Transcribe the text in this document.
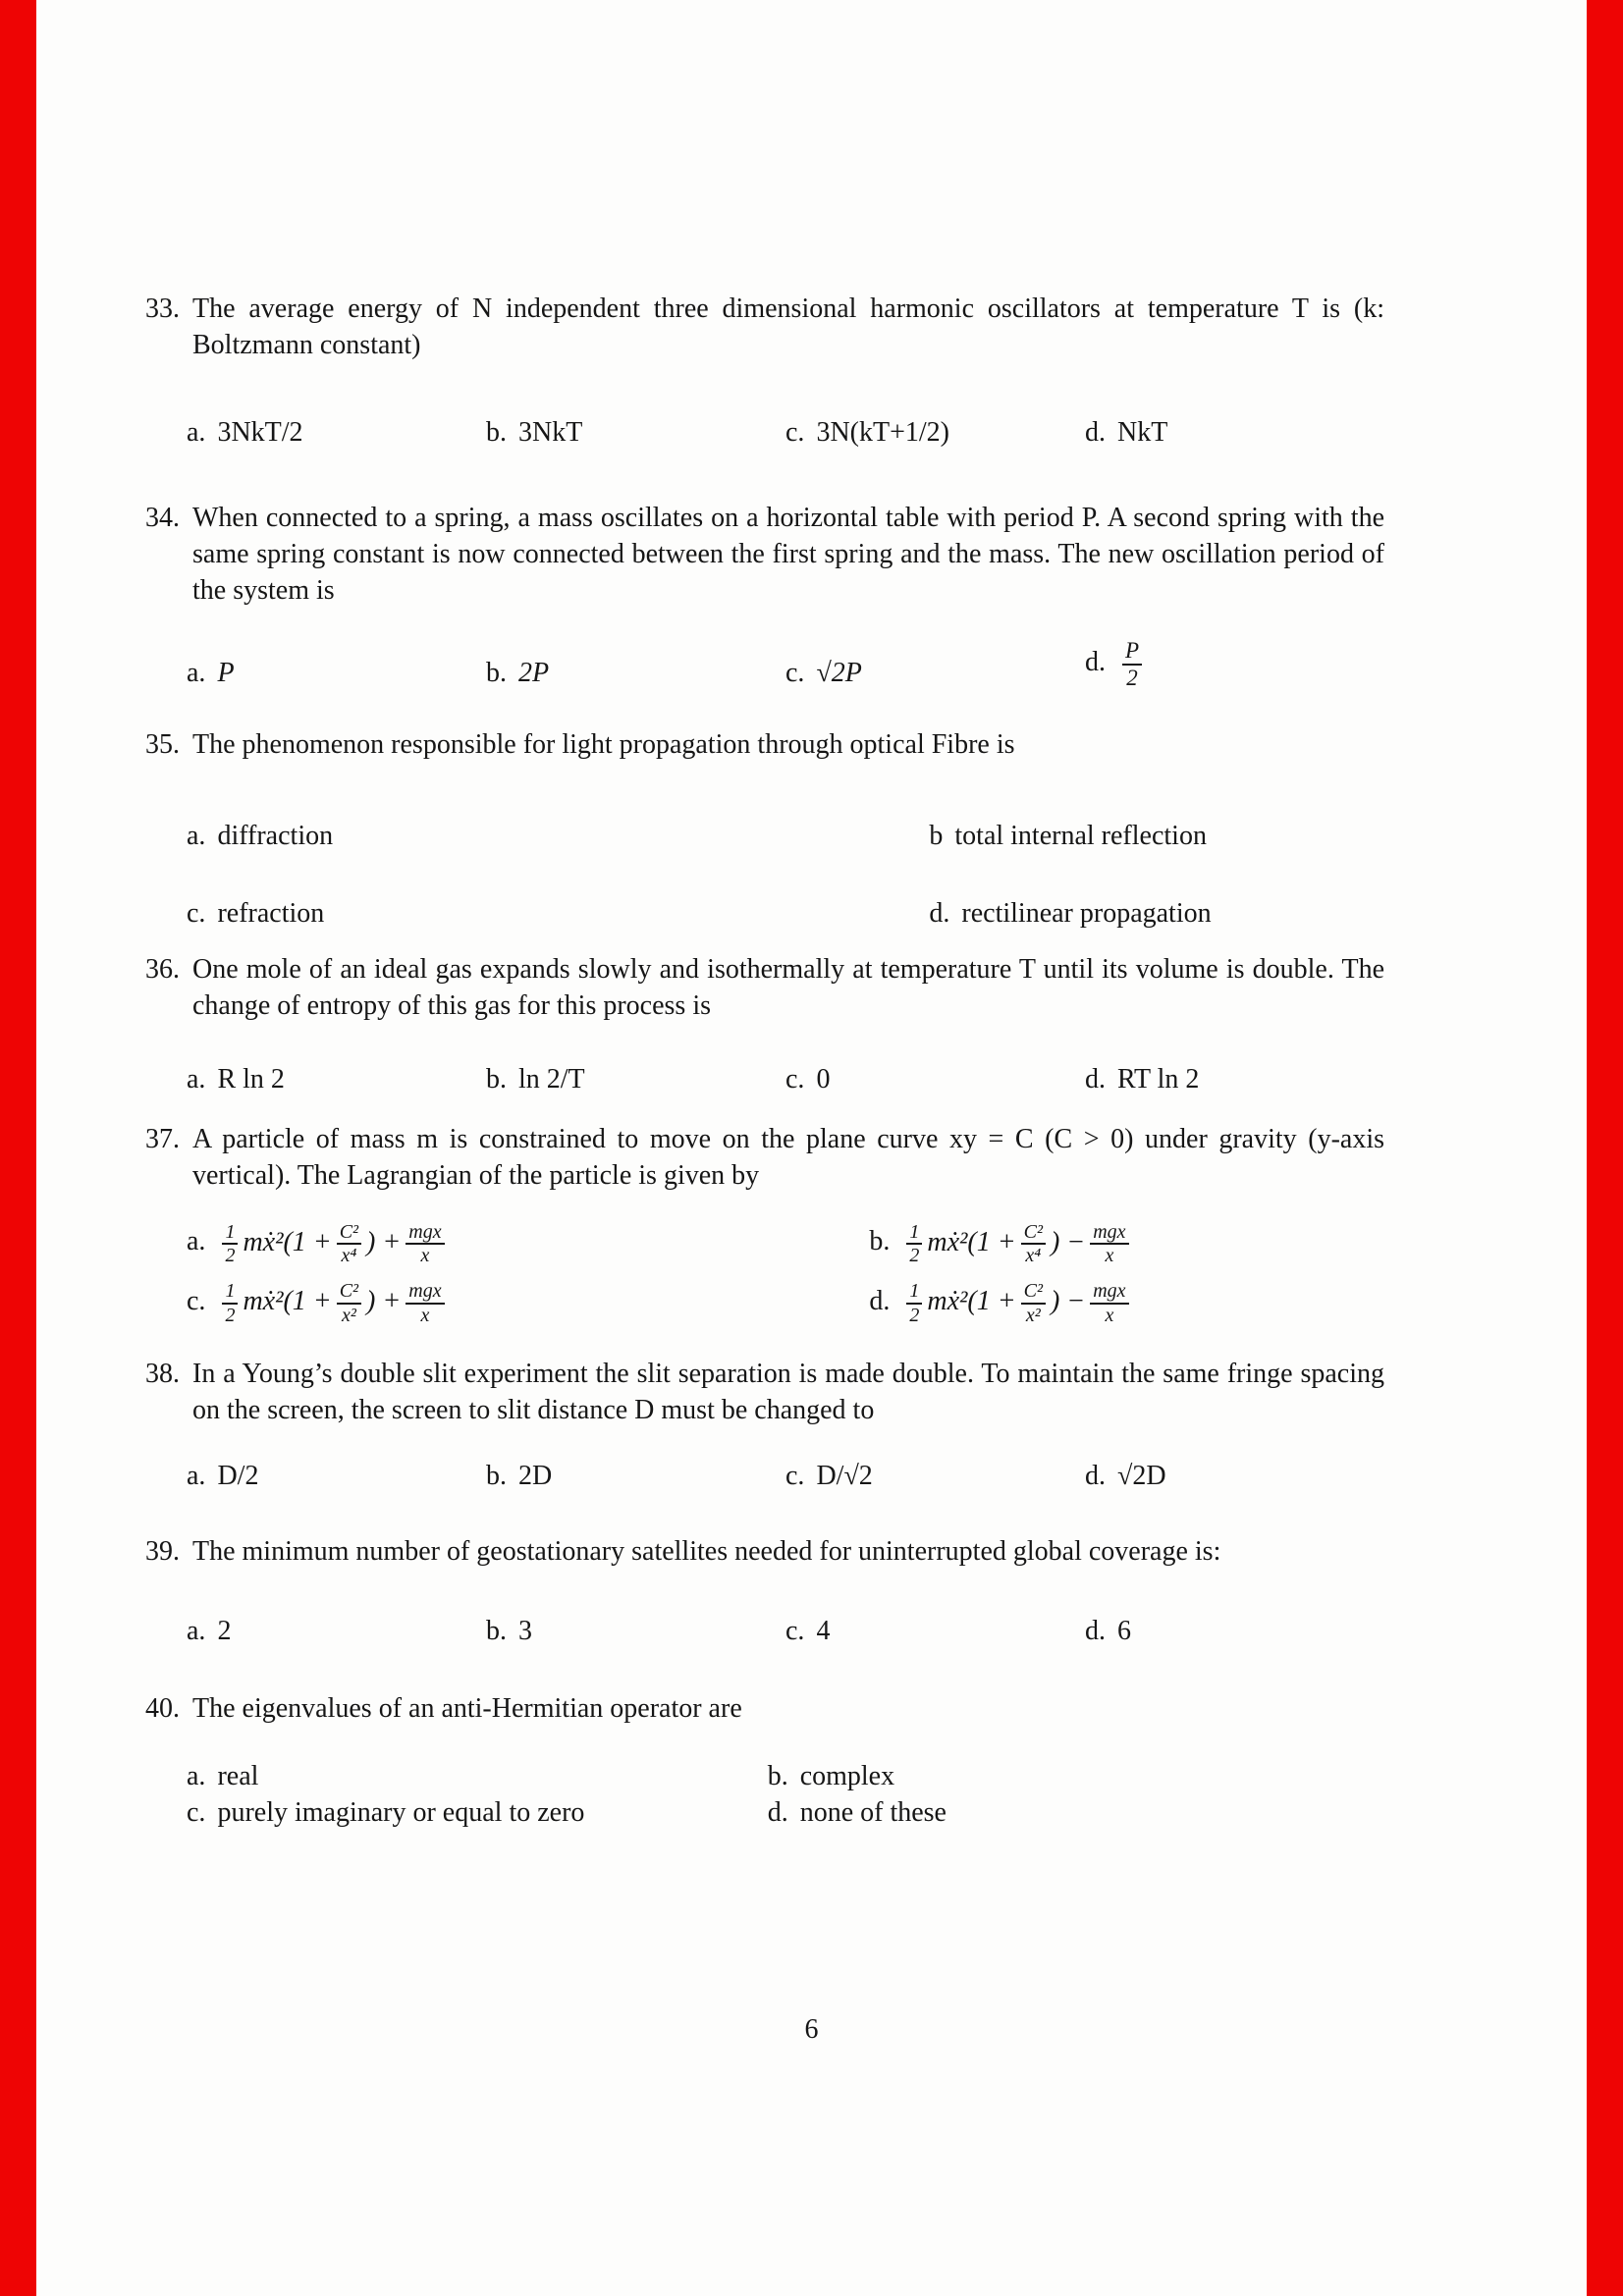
33. The average energy of N independent three dimensional harmonic oscillators at temperature T is (k: Boltzmann constant)
a. 3NkT/2	b. 3NkT	c. 3N(kT+1/2)	d. NkT
34. When connected to a spring, a mass oscillates on a horizontal table with period P. A second spring with the same spring constant is now connected between the first spring and the mass. The new oscillation period of the system is
a. P	b. 2P	c. √2P	d. $\frac{P}{2}$
35. The phenomenon responsible for light propagation through optical Fibre is
a. diffraction	b total internal reflection
c. refraction	d. rectilinear propagation
36. One mole of an ideal gas expands slowly and isothermally at temperature T until its volume is double. The change of entropy of this gas for this process is
a. R ln 2	b. ln 2/T	c. 0	d. RT ln 2
37. A particle of mass m is constrained to move on the plane curve xy = C (C > 0) under gravity (y-axis vertical). The Lagrangian of the particle is given by
a. $\frac{1}{2}$ mẋ²(1 + $\frac{\text{C²}}{\text{x⁴}}$ ) + $\frac{\text{mgx}}{x}$	b. $\frac{1}{2}$ mẋ²(1 + $\frac{\text{C²}}{\text{x⁴}}$ ) − $\frac{\text{mgx}}{x}$
c. $\frac{1}{2}$ mẋ²(1 + $\frac{\text{C²}}{\text{x²}}$ ) + $\frac{\text{mgx}}{x}$	d. $\frac{1}{2}$ mẋ²(1 + $\frac{\text{C²}}{\text{x²}}$ ) − $\frac{\text{mgx}}{x}$
38. In a Young’s double slit experiment the slit separation is made double. To maintain the same fringe spacing on the screen, the screen to slit distance D must be changed to
a. D/2	b. 2D	c. D/√2	d. √2D
39. The minimum number of geostationary satellites needed for uninterrupted global coverage is:
a. 2	b. 3	c. 4	d. 6
40. The eigenvalues of an anti-Hermitian operator are
a. real	b. complex
c. purely imaginary or equal to zero	d. none of these
6
